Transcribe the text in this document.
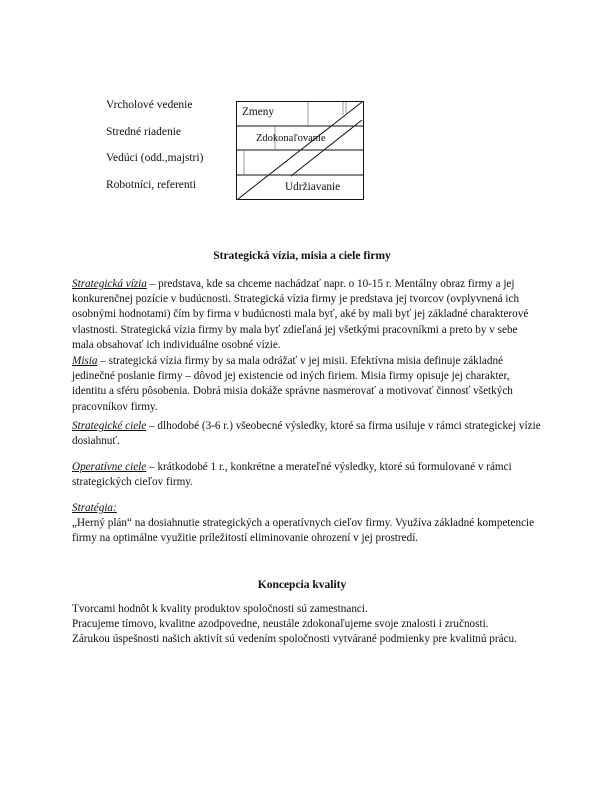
Vrcholové vedenie
Stredné riadenie
Vedúci (odd.,majstri)
Robotníci, referenti
Zmeny
Zdokonaľovanie
Udržiavanie
Strategická vízia, misia a ciele firmy

Strategická vízia – predstava, kde sa chceme nachádzať napr. o 10-15 r. Mentálny obraz firmy a jej konkurenčnej pozície v budúcnosti. Strategická vízia firmy je predstava jej tvorcov (ovplyvnená ich osobnými hodnotami) čím by firma v budúcnosti mala byť, aké by mali byť jej základné charakterové vlastnosti. Strategická vízia firmy by mala byť zdieľaná jej všetkými pracovníkmi a preto by v sebe mala obsahovať ich individuálne osobné vízie.

Misia – strategická vízia firmy by sa mala odrážať v jej misii. Efektívna misia definuje základné jedinečné poslanie firmy – dôvod jej existencie od iných firiem. Misia firmy opisuje jej charakter, identitu a sféru pôsobenia. Dobrá misia dokáže správne nasmerovať a motivovať činnosť všetkých pracovníkov firmy.

Strategické ciele – dlhodobé (3-6 r.) všeobecné výsledky, ktoré sa firma usiluje v rámci strategickej vízie dosiahnuť.

Operatívne ciele – krátkodobé 1 r., konkrétne a merateľné výsledky, ktoré sú formulované v rámci strategických cieľov firmy.

Stratégia:

„Herný plán“ na dosiahnutie strategických a operatívnych cieľov firmy. Využíva základné kompetencie firmy na optimálne využitie príležitostí eliminovanie ohrození v jej prostredí.

Koncepcia kvality

Tvorcami hodnôt k kvality produktov spoločnosti sú zamestnanci.

Pracujeme tímovo, kvalitne azodpovedne, neustále zdokonaľujeme svoje znalosti i zručnosti.

Zárukou úspešnosti našich aktivít sú vedením spoločnosti vytvárané podmienky pre kvalitnú prácu.
